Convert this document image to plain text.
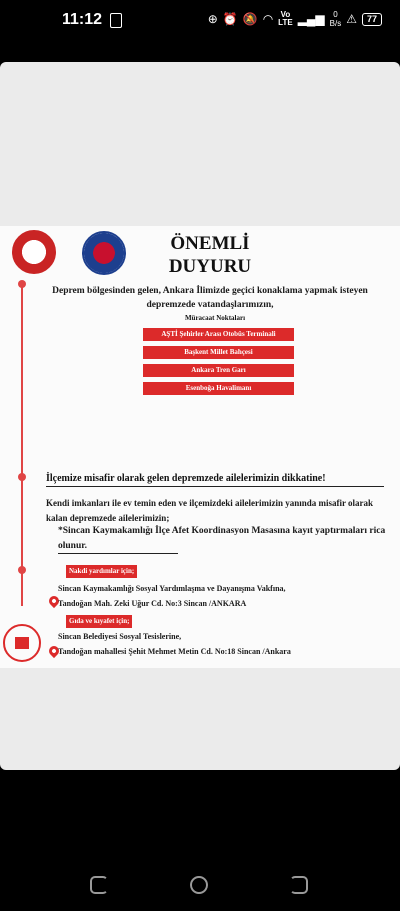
11:12	⊕ ⏰ 🔕 ◠ Vo
LTE ▂▄▆	0
B/s ⚠	77
ÖNEMLİ
DUYURU
Deprem bölgesinden gelen, Ankara İlimizde geçici konaklama yapmak isteyen depremzede vatandaşlarımızın,
Müracaat Noktaları
AŞTİ Şehirler Arası Otobüs Terminali
Başkent Millet Bahçesi
Ankara Tren Garı
Esenboğa Havalimanı
İlçemize misafir olarak gelen depremzede ailelerimizin dikkatine!
Kendi imkanları ile ev temin eden ve ilçemizdeki ailelerimizin yanında misafir olarak kalan depremzede ailelerimizin;
*Sincan Kaymakamlığı İlçe Afet Koordinasyon Masasına kayıt yaptırmaları rica olunur.
Nakdi yardımlar için;
Sincan Kaymakamlığı Sosyal Yardımlaşma ve Dayanışma Vakfına,
Tandoğan Mah. Zeki Uğur Cd. No:3 Sincan /ANKARA
Gıda ve kıyafet için;
Sincan Belediyesi Sosyal Tesislerine,
Tandoğan mahallesi Şehit Mehmet Metin Cd. No:18 Sincan /Ankara
